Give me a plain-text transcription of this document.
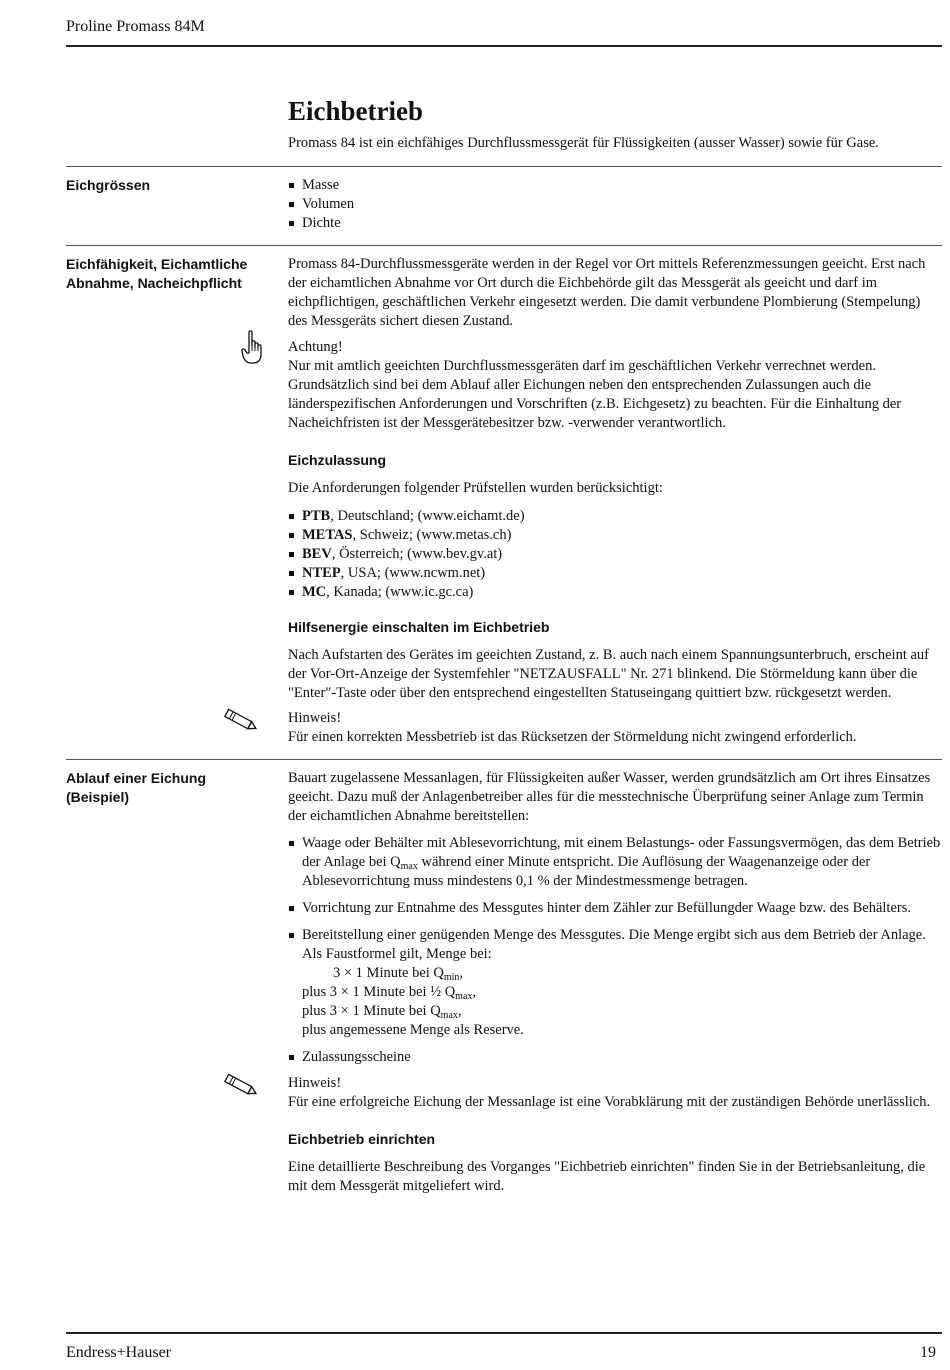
Proline Promass 84M
Eichbetrieb
Promass 84 ist ein eichfähiges Durchflussmessgerät für Flüssigkeiten (ausser Wasser) sowie für Gase.
Eichgrössen	Masse
Volumen
Dichte
Eichfähigkeit, Eichamtliche
Abnahme, Nacheichpflicht

Promass 84-Durchflussmessgeräte werden in der Regel vor Ort mittels Referenzmessungen geeicht. Erst nach der eichamtlichen Abnahme vor Ort durch die Eichbehörde gilt das Messgerät als geeicht und darf im eichpflichtigen, geschäftlichen Verkehr eingesetzt werden. Die damit verbundene Plombierung (Stempelung) des Messgeräts sichert diesen Zustand.

Achtung!

Nur mit amtlich geeichten Durchflussmessgeräten darf im geschäftlichen Verkehr verrechnet werden. Grundsätzlich sind bei dem Ablauf aller Eichungen neben den entsprechenden Zulassungen auch die länderspezifischen Anforderungen und Vorschriften (z.B. Eichgesetz) zu beachten. Für die Einhaltung der Nacheichfristen ist der Messgerätebesitzer bzw. -verwender verantwortlich.

Eichzulassung

Die Anforderungen folgender Prüfstellen wurden berücksichtigt:

PTB, Deutschland; (www.eichamt.de)
METAS, Schweiz; (www.metas.ch)
BEV, Österreich; (www.bev.gv.at)
NTEP, USA; (www.ncwm.net)
MC, Kanada; (www.ic.gc.ca)

Hilfsenergie einschalten im Eichbetrieb

Nach Aufstarten des Gerätes im geeichten Zustand, z. B. auch nach einem Spannungsunterbruch, erscheint auf der Vor-Ort-Anzeige der Systemfehler "NETZAUSFALL" Nr. 271 blinkend. Die Störmeldung kann über die "Enter"-Taste oder über den entsprechend eingestellten Statuseingang quittiert bzw. rückgesetzt werden.

Hinweis!

Für einen korrekten Messbetrieb ist das Rücksetzen der Störmeldung nicht zwingend erforderlich.

Ablauf einer Eichung
(Beispiel)

Bauart zugelassene Messanlagen, für Flüssigkeiten außer Wasser, werden grundsätzlich am Ort ihres Einsatzes geeicht. Dazu muß der Anlagenbetreiber alles für die messtechnische Überprüfung seiner Anlage zum Termin der eichamtlichen Abnahme bereitstellen:

Waage oder Behälter mit Ablesevorrichtung, mit einem Belastungs- oder Fassungsvermögen, das dem Betrieb der Anlage bei $Q_{max}$ während einer Minute entspricht. Die Auflösung der Waagenanzeige oder der Ablesevorrichtung muss mindestens 0,1 % der Mindestmessmenge betragen.
Vorrichtung zur Entnahme des Messgutes hinter dem Zähler zur Befüllungder Waage bzw. des Behälters.
Bereitstellung einer genügenden Menge des Messgutes. Die Menge ergibt sich aus dem Betrieb der Anlage.
Als Faustformel gilt, Menge bei:
3 × 1 Minute bei $Q_{min}$,
plus 3 × 1 Minute bei ½ $Q_{max}$,
plus 3 × 1 Minute bei $Q_{max}$,
plus angemessene Menge als Reserve.
Zulassungsscheine
Hinweis!

Für eine erfolgreiche Eichung der Messanlage ist eine Vorabklärung mit der zuständigen Behörde unerlässlich.

Eichbetrieb einrichten

Eine detaillierte Beschreibung des Vorganges "Eichbetrieb einrichten" finden Sie in der Betriebsanleitung, die mit dem Messgerät mitgeliefert wird.

Endress+Hauser	19
